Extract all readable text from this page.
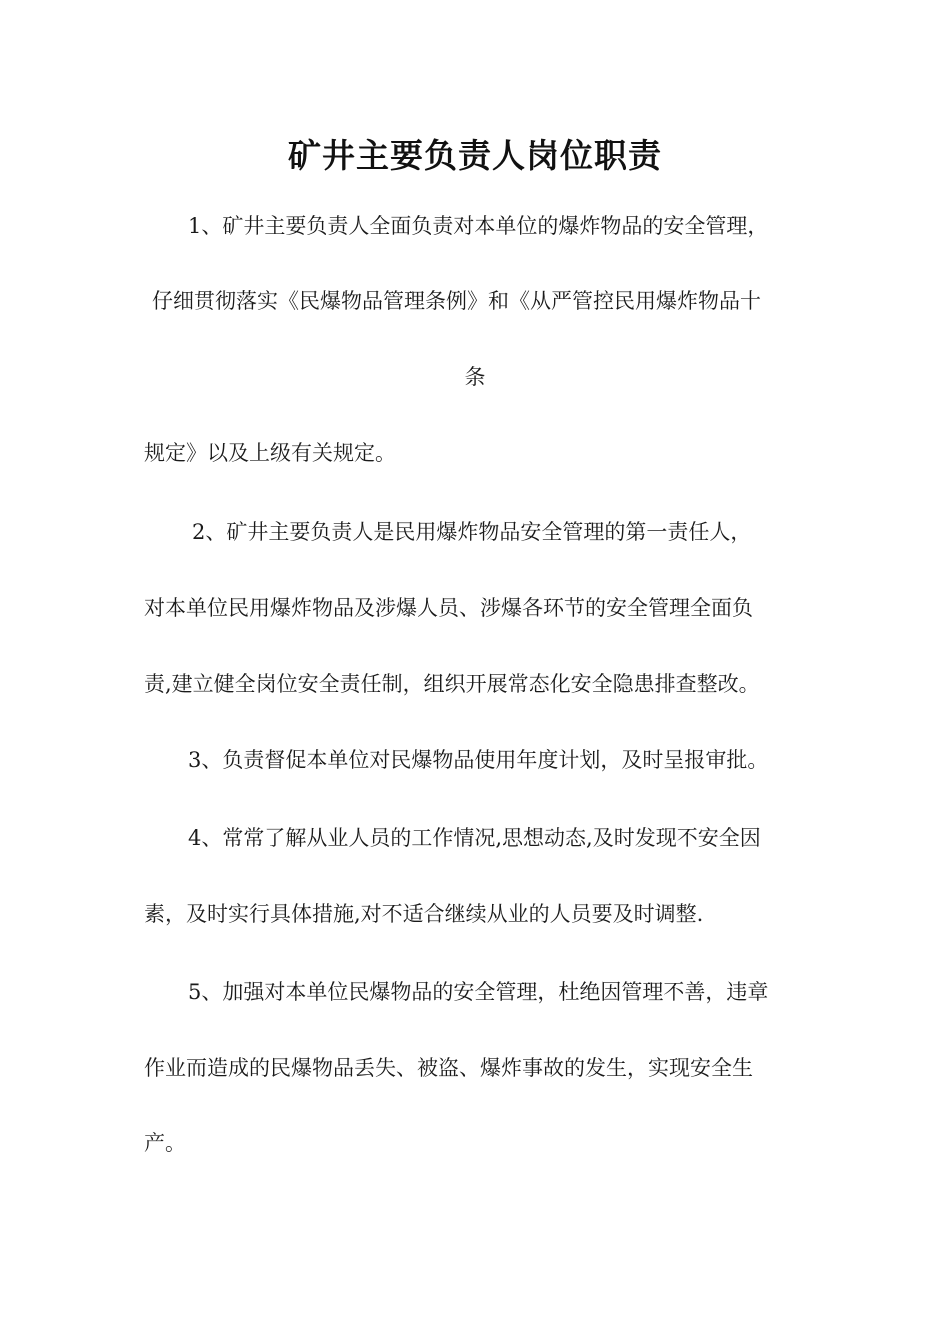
矿井主要负责人岗位职责
1、矿井主要负责人全面负责对本单位的爆炸物品的安全管理，
仔细贯彻落实《民爆物品管理条例》和《从严管控民用爆炸物品十
条
规定》以及上级有关规定。
2、矿井主要负责人是民用爆炸物品安全管理的第一责任人，
对本单位民用爆炸物品及涉爆人员、涉爆各环节的安全管理全面负
责,建立健全岗位安全责任制，组织开展常态化安全隐患排查整改。
3、负责督促本单位对民爆物品使用年度计划，及时呈报审批。
4、常常了解从业人员的工作情况,思想动态,及时发现不安全因
素，及时实行具体措施,对不适合继续从业的人员要及时调整.
5、加强对本单位民爆物品的安全管理，杜绝因管理不善，违章
作业而造成的民爆物品丢失、被盗、爆炸事故的发生，实现安全生
产。
